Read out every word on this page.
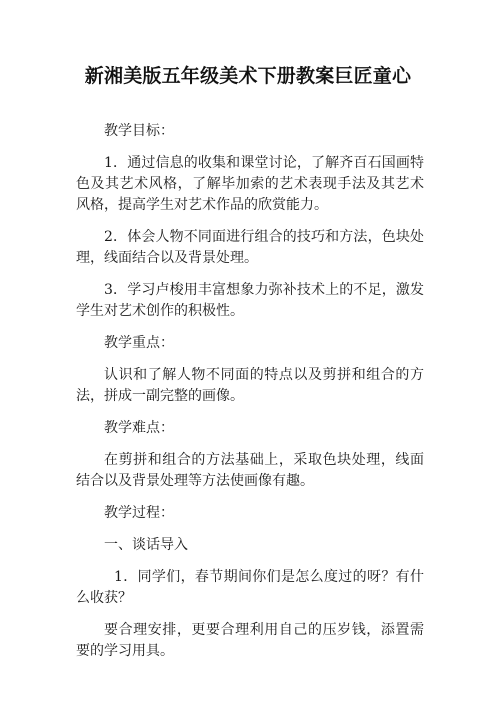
新湘美版五年级美术下册教案巨匠童心

教学目标：

1．通过信息的收集和课堂讨论，了解齐百石国画特色及其艺术风格，了解毕加索的艺术表现手法及其艺术风格，提高学生对艺术作品的欣赏能力。

2．体会人物不同面进行组合的技巧和方法，色块处理，线面结合以及背景处理。

3．学习卢梭用丰富想象力弥补技术上的不足，激发学生对艺术创作的积极性。

教学重点：

认识和了解人物不同面的特点以及剪拼和组合的方法，拼成一副完整的画像。

教学难点：

在剪拼和组合的方法基础上，采取色块处理，线面结合以及背景处理等方法使画像有趣。

教学过程：

一、谈话导入

1．同学们，春节期间你们是怎么度过的呀？有什么收获？

要合理安排，更要合理利用自己的压岁钱，添置需要的学习用具。
